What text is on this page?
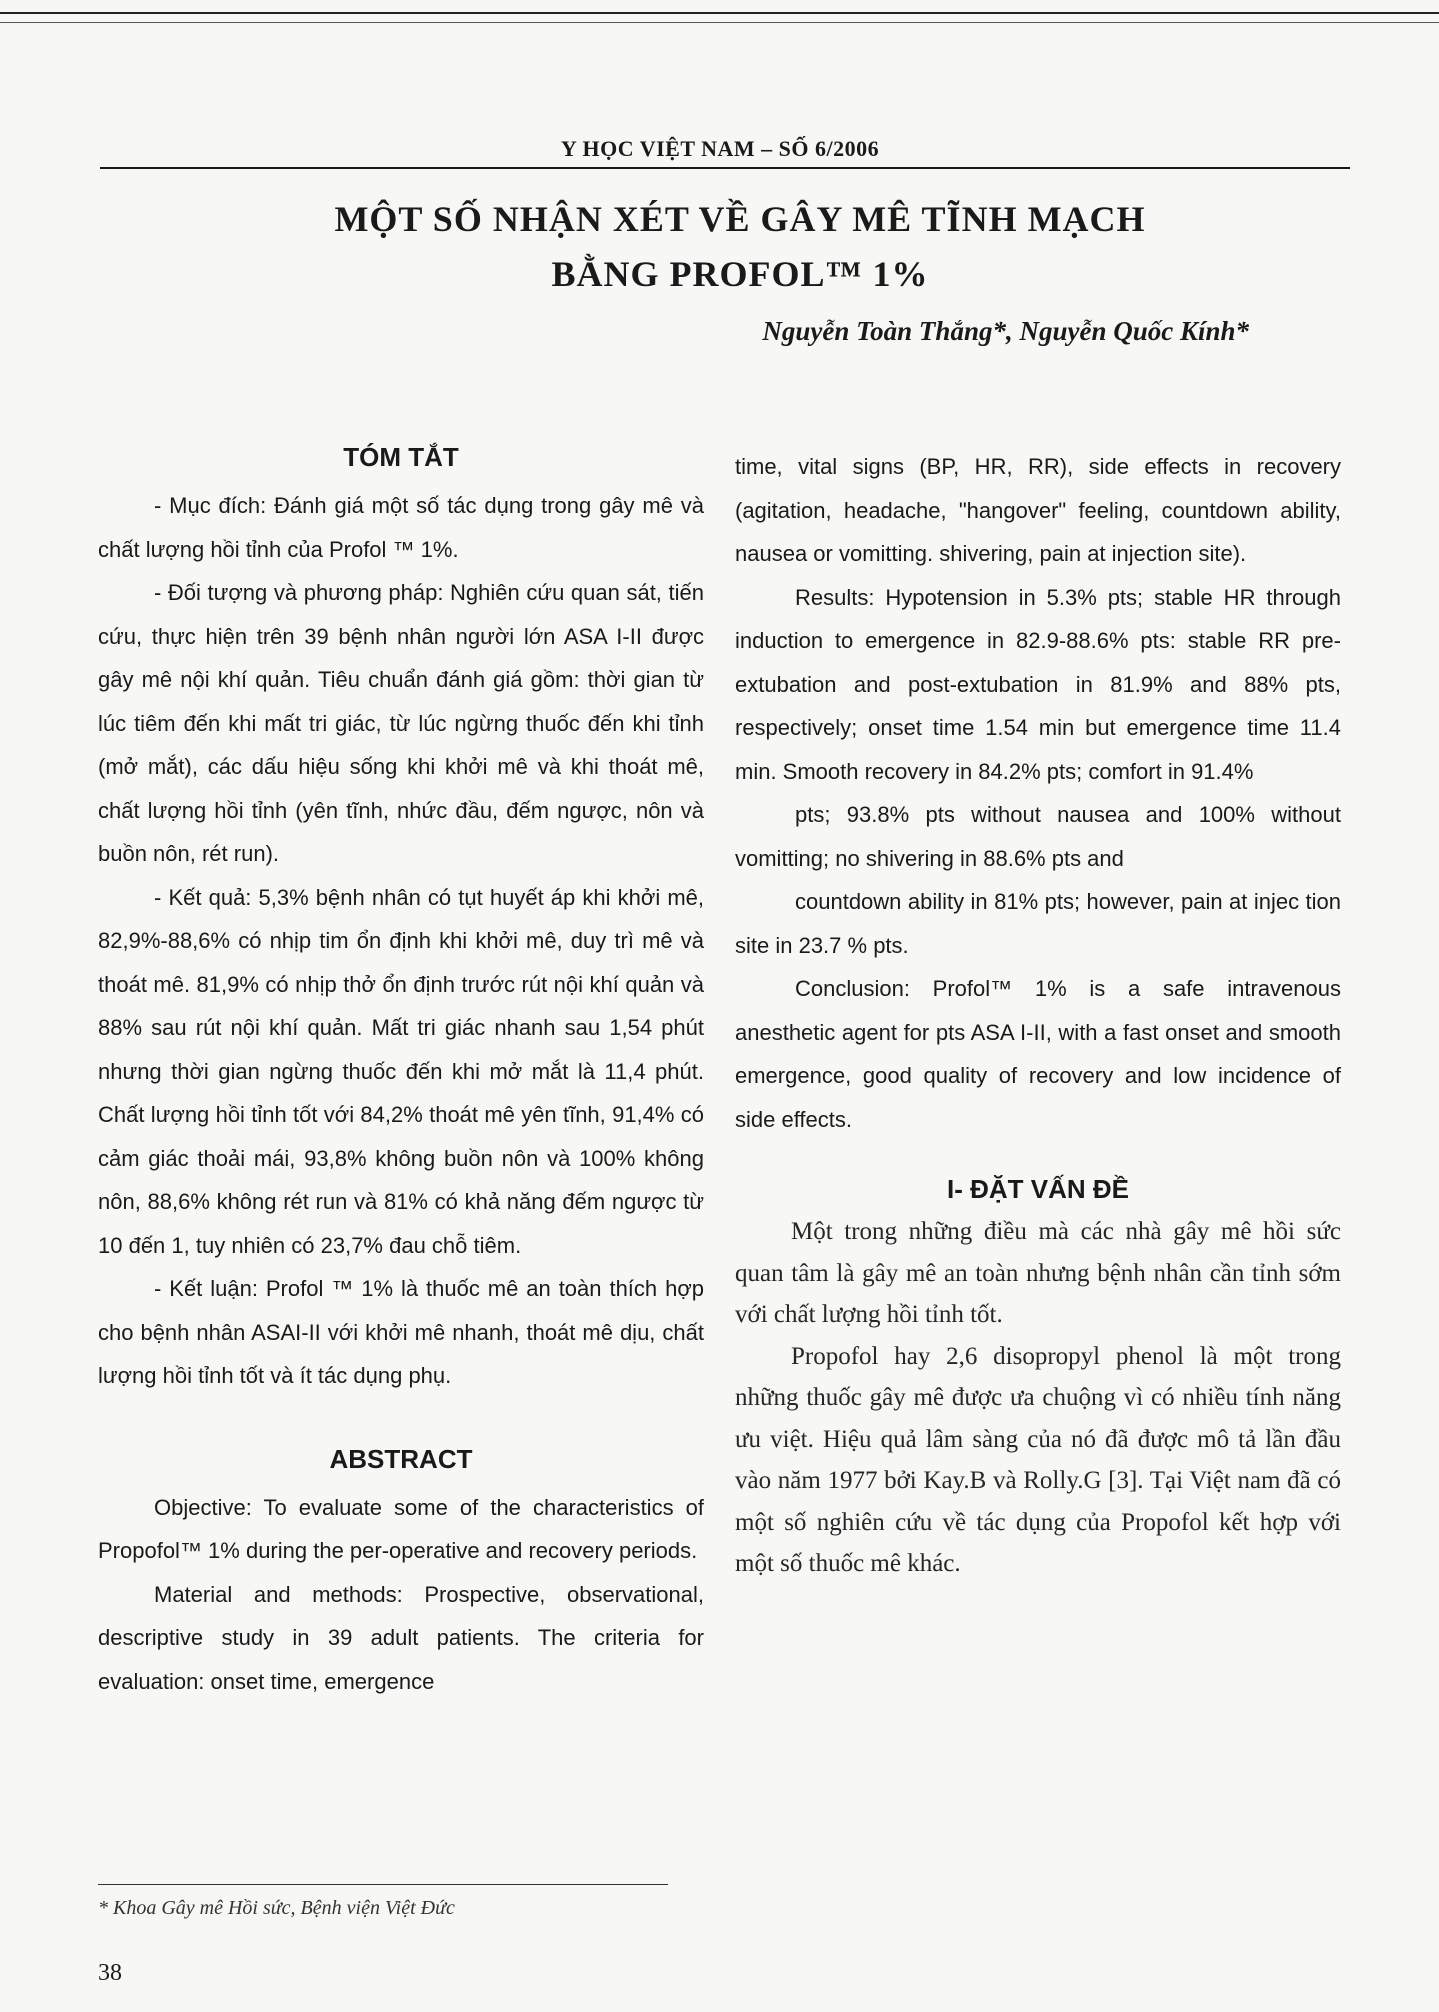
Y HỌC VIỆT NAM – SỐ 6/2006
MỘT SỐ NHẬN XÉT VỀ GÂY MÊ TĨNH MẠCH
BẰNG PROFOL™ 1%
Nguyễn Toàn Thắng*, Nguyễn Quốc Kính*
TÓM TẮT

- Mục đích: Đánh giá một số tác dụng trong gây mê và chất lượng hồi tỉnh của Profol ™ 1%.

- Đối tượng và phương pháp: Nghiên cứu quan sát, tiến cứu, thực hiện trên 39 bệnh nhân người lớn ASA I-II được gây mê nội khí quản. Tiêu chuẩn đánh giá gồm: thời gian từ lúc tiêm đến khi mất tri giác, từ lúc ngừng thuốc đến khi tỉnh (mở mắt), các dấu hiệu sống khi khởi mê và khi thoát mê, chất lượng hồi tỉnh (yên tĩnh, nhức đầu, đếm ngược, nôn và buồn nôn, rét run).

- Kết quả: 5,3% bệnh nhân có tụt huyết áp khi khởi mê, 82,9%-88,6% có nhịp tim ổn định khi khởi mê, duy trì mê và thoát mê. 81,9% có nhịp thở ổn định trước rút nội khí quản và 88% sau rút nội khí quản. Mất tri giác nhanh sau 1,54 phút nhưng thời gian ngừng thuốc đến khi mở mắt là 11,4 phút. Chất lượng hồi tỉnh tốt với 84,2% thoát mê yên tĩnh, 91,4% có cảm giác thoải mái, 93,8% không buồn nôn và 100% không nôn, 88,6% không rét run và 81% có khả năng đếm ngược từ 10 đến 1, tuy nhiên có 23,7% đau chỗ tiêm.

- Kết luận: Profol ™ 1% là thuốc mê an toàn thích hợp cho bệnh nhân ASAI-II với khởi mê nhanh, thoát mê dịu, chất lượng hồi tỉnh tốt và ít tác dụng phụ.

ABSTRACT

Objective: To evaluate some of the characteristics of Propofol™ 1% during the per-operative and recovery periods.

Material and methods: Prospective, observational, descriptive study in 39 adult patients. The criteria for evaluation: onset time, emergence

time, vital signs (BP, HR, RR), side effects in recovery (agitation, headache, "hangover" feeling, countdown ability, nausea or vomitting. shivering, pain at injection site).

Results: Hypotension in 5.3% pts; stable HR through induction to emergence in 82.9-88.6% pts: stable RR pre-extubation and post-extubation in 81.9% and 88% pts, respectively; onset time 1.54 min but emergence time 11.4 min. Smooth recovery in 84.2% pts; comfort in 91.4%

pts; 93.8% pts without nausea and 100% without vomitting; no shivering in 88.6% pts and

countdown ability in 81% pts; however, pain at injec tion site in 23.7 % pts.

Conclusion: Profol™ 1% is a safe intravenous anesthetic agent for pts ASA I-II, with a fast onset and smooth emergence, good quality of recovery and low incidence of side effects.

I- ĐẶT VẤN ĐỀ

Một trong những điều mà các nhà gây mê hồi sức quan tâm là gây mê an toàn nhưng bệnh nhân cần tỉnh sớm với chất lượng hồi tỉnh tốt.

Propofol hay 2,6 disopropyl phenol là một trong những thuốc gây mê được ưa chuộng vì có nhiều tính năng ưu việt. Hiệu quả lâm sàng của nó đã được mô tả lần đầu vào năm 1977 bởi Kay.B và Rolly.G [3]. Tại Việt nam đã có một số nghiên cứu về tác dụng của Propofol kết hợp với một số thuốc mê khác.

* Khoa Gây mê Hồi sức, Bệnh viện Việt Đức
38
